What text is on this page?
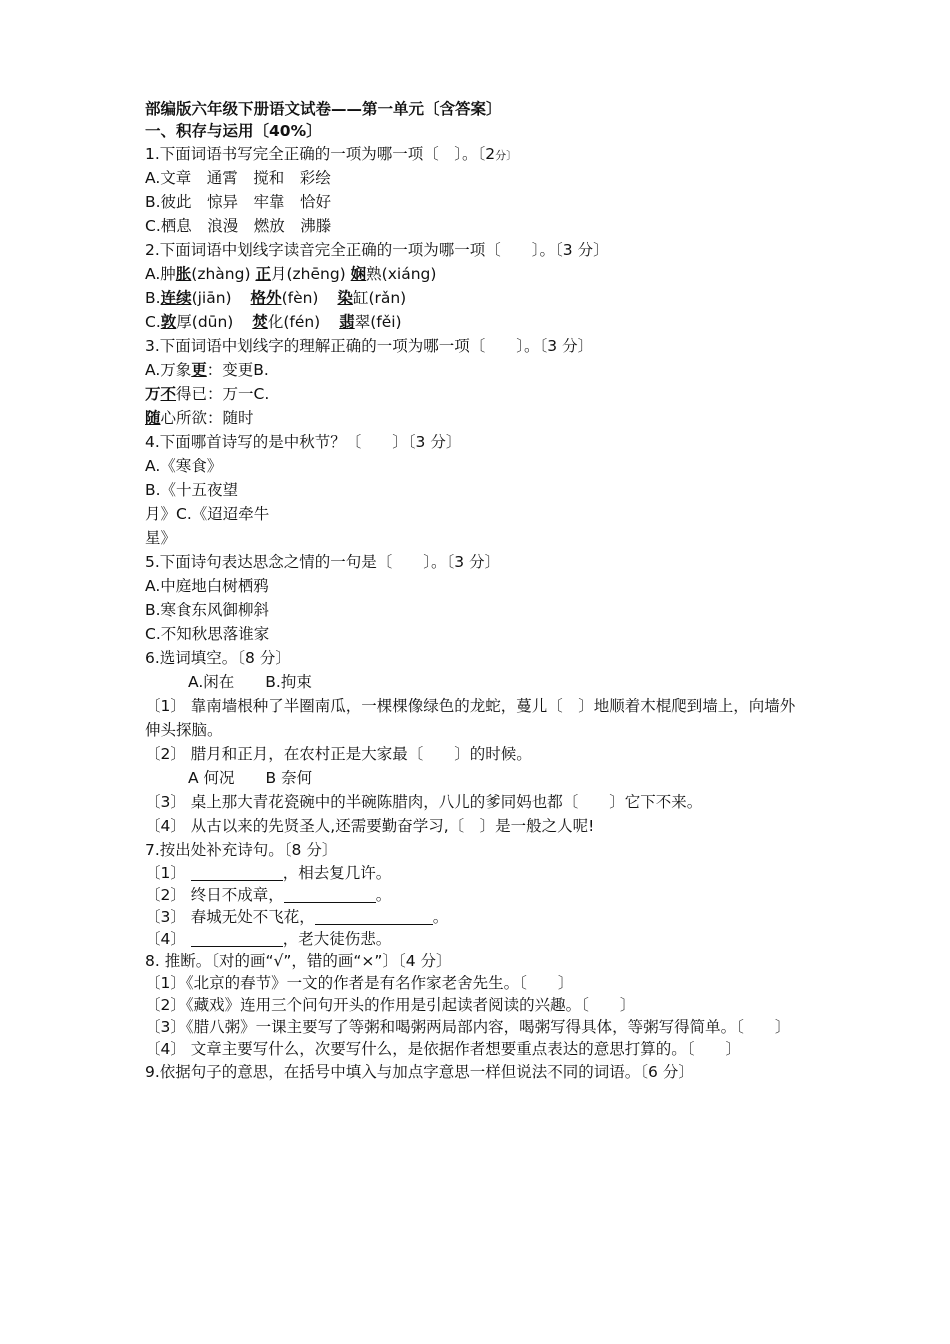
部编版六年级下册语文试卷——第一单元〔含答案〕
一、积存与运用〔40%〕
1.下面词语书写完全正确的一项为哪一项〔　〕。〔2分〕
A.文章　通霄　搅和　彩绘
B.彼此　惊异　牢靠　恰好
C.栖息　浪漫　燃放　沸滕
2.下面词语中划线字读音完全正确的一项为哪一项〔　　〕。〔3 分〕
A.肿胀(zhàng) 正月(zhēng) 娴熟(xiáng)
B.连续(jiān) 格外(fèn) 染缸(rǎn)
C.敦厚(dūn) 焚化(fén) 翡翠(fěi)
3.下面词语中划线字的理解正确的一项为哪一项〔　　〕。〔3 分〕
A.万象更：变更B.
万不得已：万一C.
随心所欲：随时
4.下面哪首诗写的是中秋节？〔　　〕〔3 分〕
A.《寒食》
B.《十五夜望
月》C.《迢迢牵牛
星》
5.下面诗句表达思念之情的一句是〔　　〕。〔3 分〕
A.中庭地白树栖鸦
B.寒食东风御柳斜
C.不知秋思落谁家
6.选词填空。〔8 分〕
A.闲在　　B.拘束
〔1〕 靠南墙根种了半圈南瓜，一棵棵像绿色的龙蛇，蔓儿〔　〕地顺着木棍爬到墙上，向墙外伸头探脑。
〔2〕 腊月和正月，在农村正是大家最〔　　〕的时候。
A 何况　　B 奈何
〔3〕 桌上那大青花瓷碗中的半碗陈腊肉，八儿的爹同妈也都〔　　〕它下不来。
〔4〕 从古以来的先贤圣人,还需要勤奋学习,〔　〕是一般之人呢!
7.按出处补充诗句。〔8 分〕
〔1〕	，相去复几许。
〔2〕 终日不成章，	。
〔3〕 春城无处不飞花，	。
〔4〕	，老大徒伤悲。
8. 推断。〔对的画“√”，错的画“×”〕〔4 分〕
〔1〕《北京的春节》一文的作者是有名作家老舍先生。〔　　〕
〔2〕《藏戏》连用三个问句开头的作用是引起读者阅读的兴趣。〔　　〕
〔3〕《腊八粥》一课主要写了等粥和喝粥两局部内容，喝粥写得具体，等粥写得简单。〔　　〕
〔4〕 文章主要写什么，次要写什么，是依据作者想要重点表达的意思打算的。〔　　〕
9.依据句子的意思，在括号中填入与加点字意思一样但说法不同的词语。〔6 分〕
